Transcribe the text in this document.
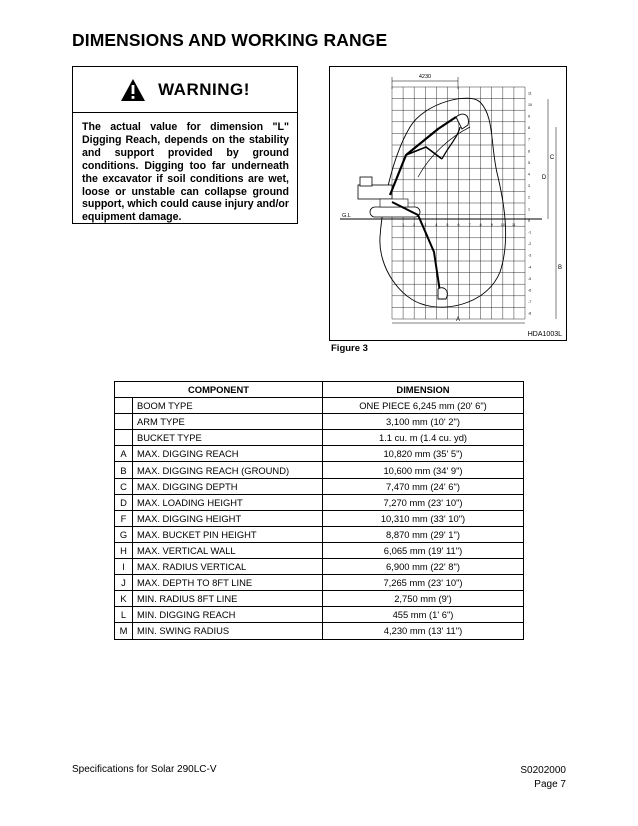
DIMENSIONS AND WORKING RANGE
WARNING!
The actual value for dimension "L" Digging Reach, depends on the stability and support provided by ground conditions. Digging too far underneath the excavator if soil conditions are wet, loose or unstable can collapse ground support, which could cause injury and/or equipment damage.
11
10
9
8
7
6
5
4
3
2
1
0
-1
-2
-3
-4
-5
-6
-7
-8
1	2	3	4	5	6	7	8	9 10 11
4230
G.L
C
D
B
A
HDA1003L
Figure 3
COMPONENT		DIMENSION
	BOOM TYPE	ONE PIECE 6,245 mm (20' 6")
	ARM TYPE	3,100 mm (10' 2")
	BUCKET TYPE	1.1 cu. m (1.4 cu. yd)
A	MAX. DIGGING REACH	10,820 mm (35' 5")
B	MAX. DIGGING REACH (GROUND)	10,600 mm (34' 9")
C	MAX. DIGGING DEPTH	7,470 mm (24' 6")
D	MAX. LOADING HEIGHT	7,270 mm (23' 10")
F	MAX. DIGGING HEIGHT	10,310 mm (33' 10")
G	MAX. BUCKET PIN HEIGHT	8,870 mm (29' 1")
H	MAX. VERTICAL WALL	6,065 mm (19' 11")
I	MAX. RADIUS VERTICAL	6,900 mm (22' 8")
J	MAX. DEPTH TO 8FT LINE	7,265 mm (23' 10")
K	MIN. RADIUS 8FT LINE	2,750 mm (9')
L	MIN. DIGGING REACH	455 mm (1' 6")
M	MIN. SWING RADIUS	4,230 mm (13' 11")
Specifications for Solar 290LC-V	S0202000
Page 7
